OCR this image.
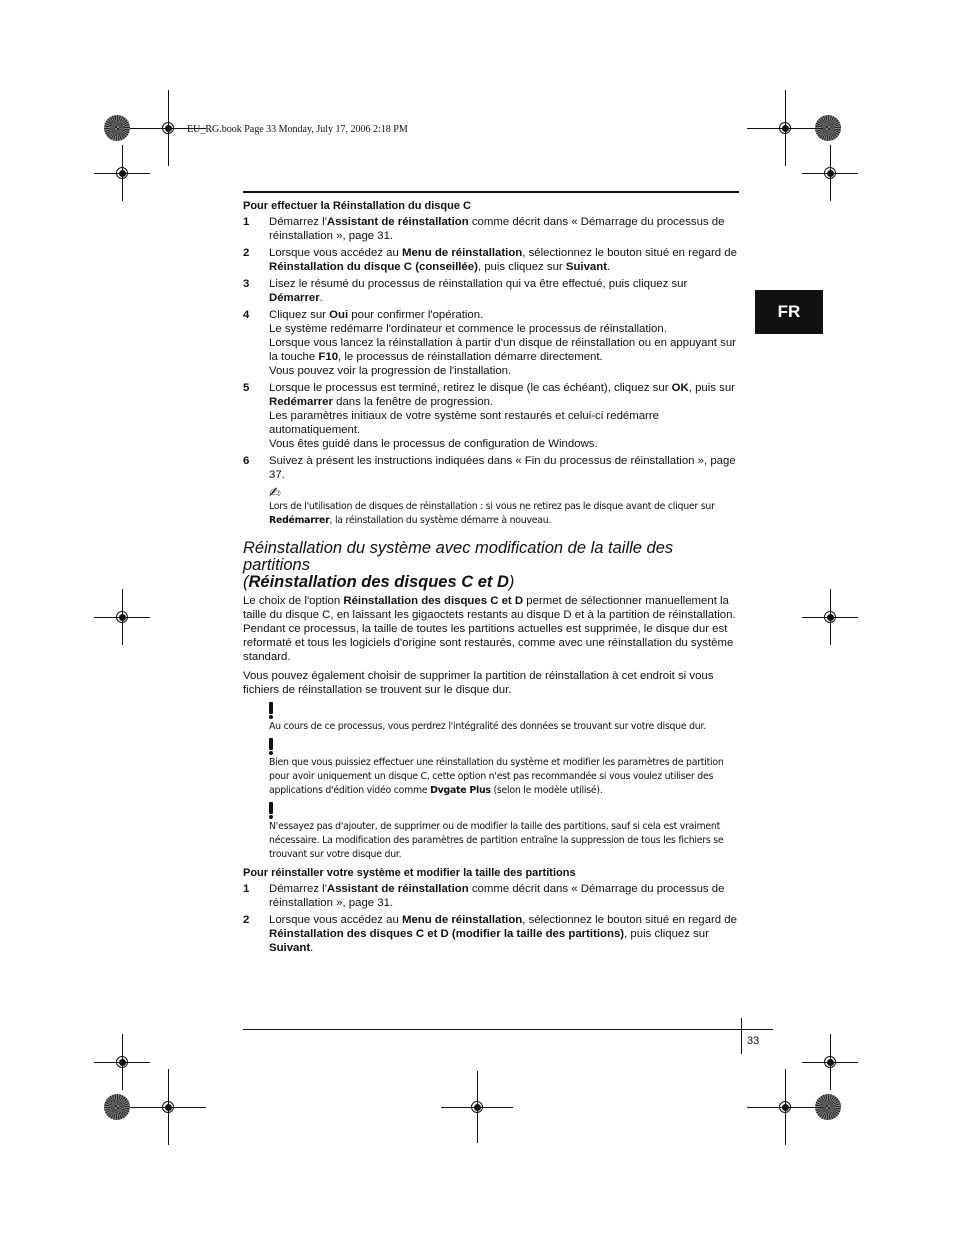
EU_RG.book Page 33 Monday, July 17, 2006 2:18 PM
FR
Pour effectuer la Réinstallation du disque C
1	Démarrez l'Assistant de réinstallation comme décrit dans « Démarrage du processus de réinstallation », page 31.
2	Lorsque vous accédez au Menu de réinstallation, sélectionnez le bouton situé en regard de
Réinstallation du disque C (conseillée), puis cliquez sur Suivant.
3	Lisez le résumé du processus de réinstallation qui va être effectué, puis cliquez sur Démarrer.
4	Cliquez sur Oui pour confirmer l'opération.
Le système redémarre l'ordinateur et commence le processus de réinstallation.
Lorsque vous lancez la réinstallation à partir d'un disque de réinstallation ou en appuyant sur la touche F10, le processus de réinstallation démarre directement.
Vous pouvez voir la progression de l'installation.
5	Lorsque le processus est terminé, retirez le disque (le cas échéant), cliquez sur OK, puis sur Redémarrer dans la fenêtre de progression.
Les paramètres initiaux de votre système sont restaurés et celui-ci redémarre automatiquement.
Vous êtes guidé dans le processus de configuration de Windows.
6	Suivez à présent les instructions indiquées dans « Fin du processus de réinstallation », page 37.
✍
Lors de l'utilisation de disques de réinstallation : si vous ne retirez pas le disque avant de cliquer sur Redémarrer, la réinstallation du système démarre à nouveau.
Réinstallation du système avec modification de la taille des partitions
(Réinstallation des disques C et D)

Le choix de l'option Réinstallation des disques C et D permet de sélectionner manuellement la taille du disque C, en laissant les gigaoctets restants au disque D et à la partition de réinstallation. Pendant ce processus, la taille de toutes les partitions actuelles est supprimée, le disque dur est reformaté et tous les logiciels d'origine sont restaurés, comme avec une réinstallation du système standard.

Vous pouvez également choisir de supprimer la partition de réinstallation à cet endroit si vous fichiers de réinstallation se trouvent sur le disque dur.

Au cours de ce processus, vous perdrez l'intégralité des données se trouvant sur votre disque dur.
Bien que vous puissiez effectuer une réinstallation du système et modifier les paramètres de partition pour avoir uniquement un disque C, cette option n'est pas recommandée si vous voulez utiliser des applications d'édition vidéo comme Dvgate Plus (selon le modèle utilisé).
N'essayez pas d'ajouter, de supprimer ou de modifier la taille des partitions, sauf si cela est vraiment nécessaire. La modification des paramètres de partition entraîne la suppression de tous les fichiers se trouvant sur votre disque dur.
Pour réinstaller votre système et modifier la taille des partitions
1	Démarrez l'Assistant de réinstallation comme décrit dans « Démarrage du processus de réinstallation », page 31.
2	Lorsque vous accédez au Menu de réinstallation, sélectionnez le bouton situé en regard de Réinstallation des disques C et D (modifier la taille des partitions), puis cliquez sur Suivant.
33
